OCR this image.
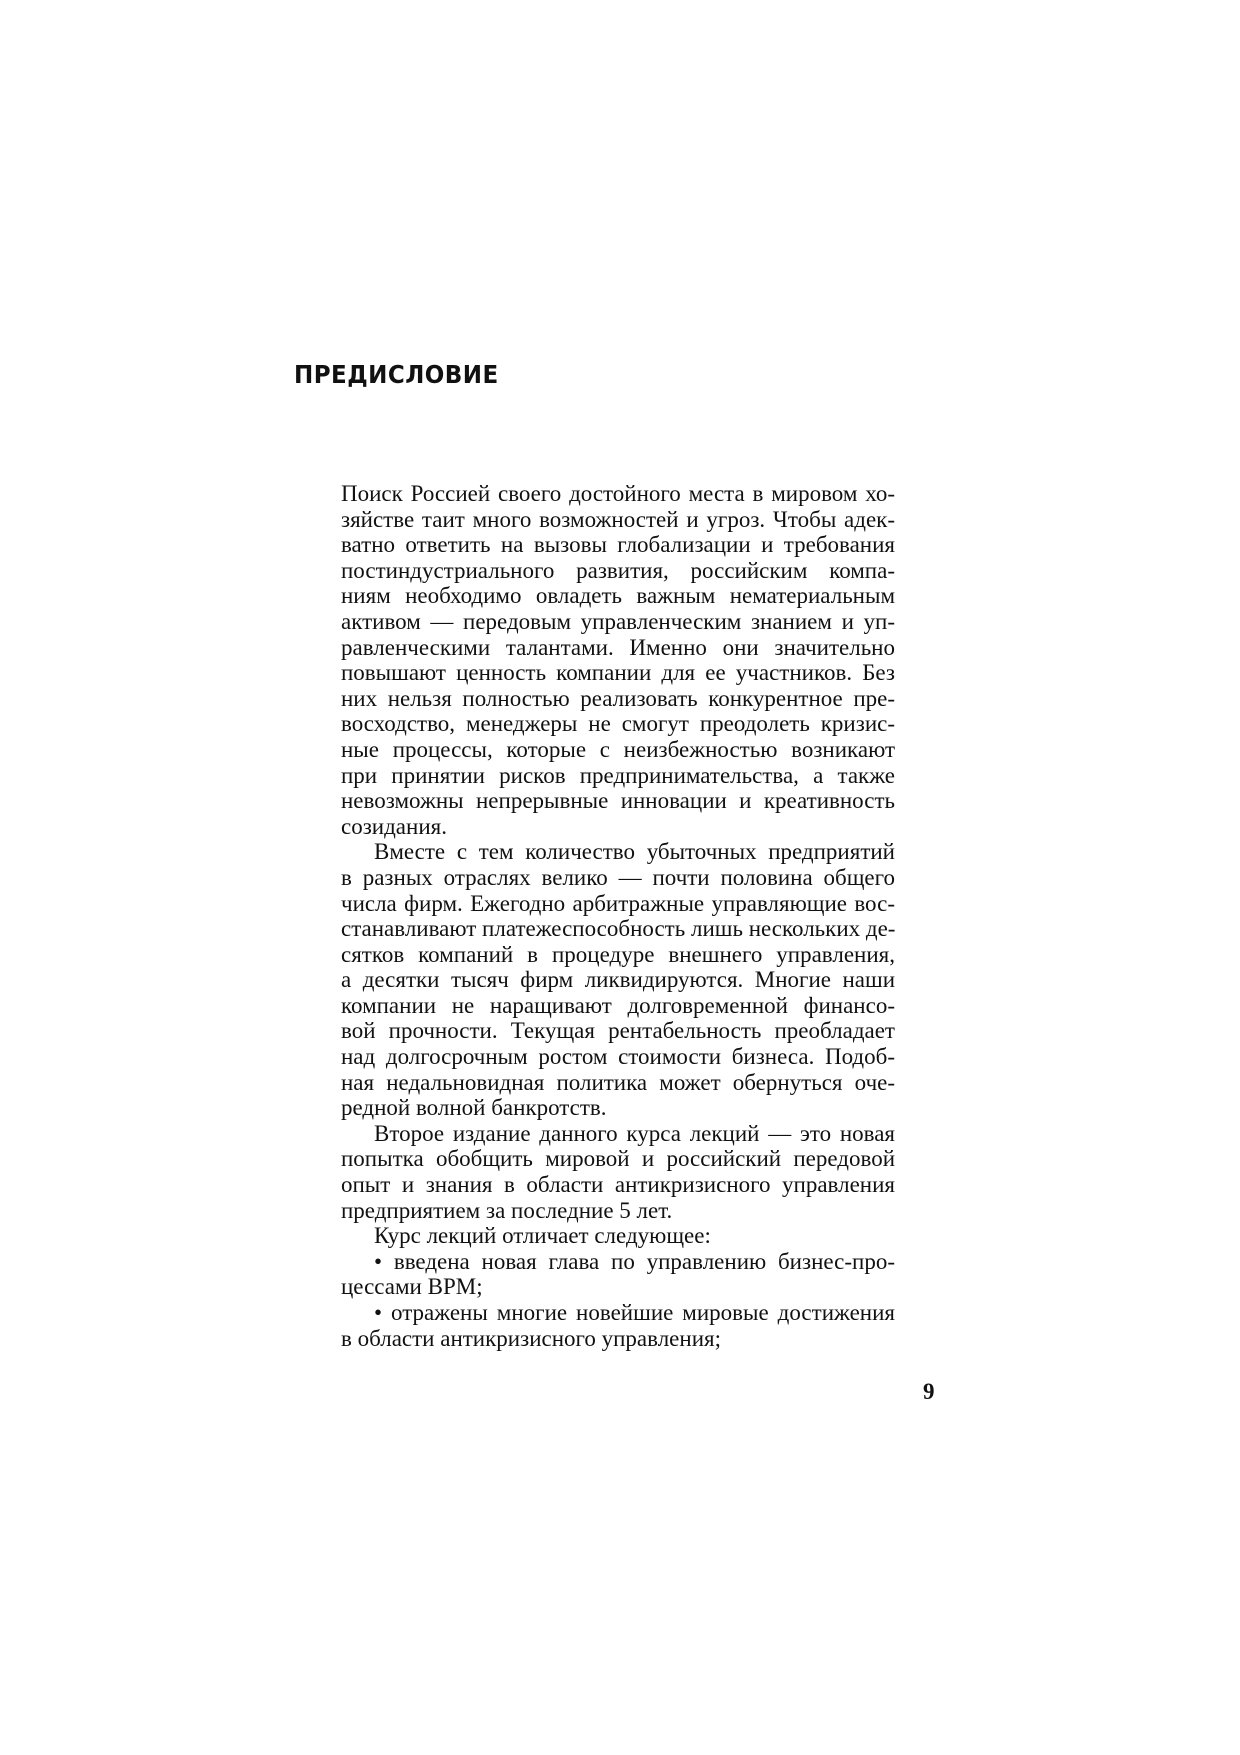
ПРЕДИСЛОВИЕ
Поиск Россией своего достойного места в мировом хо-
зяйстве таит много возможностей и угроз. Чтобы адек-
ватно ответить на вызовы глобализации и требования
постиндустриального развития, российским компа-
ниям необходимо овладеть важным нематериальным
активом — передовым управленческим знанием и уп-
равленческими талантами. Именно они значительно
повышают ценность компании для ее участников. Без
них нельзя полностью реализовать конкурентное пре-
восходство, менеджеры не смогут преодолеть кризис-
ные процессы, которые с неизбежностью возникают
при принятии рисков предпринимательства, а также
невозможны непрерывные инновации и креативность
созидания.
Вместе с тем количество убыточных предприятий
в разных отраслях велико — почти половина общего
числа фирм. Ежегодно арбитражные управляющие вос-
станавливают платежеспособность лишь нескольких де-
сятков компаний в процедуре внешнего управления,
а десятки тысяч фирм ликвидируются. Многие наши
компании не наращивают долговременной финансо-
вой прочности. Текущая рентабельность преобладает
над долгосрочным ростом стоимости бизнеса. Подоб-
ная недальновидная политика может обернуться оче-
редной волной банкротств.
Второе издание данного курса лекций — это новая
попытка обобщить мировой и российский передовой
опыт и знания в области антикризисного управления
предприятием за последние 5 лет.
Курс лекций отличает следующее:
• введена новая глава по управлению бизнес-про-
цессами ВРМ;
• отражены многие новейшие мировые достижения
в области антикризисного управления;

9
